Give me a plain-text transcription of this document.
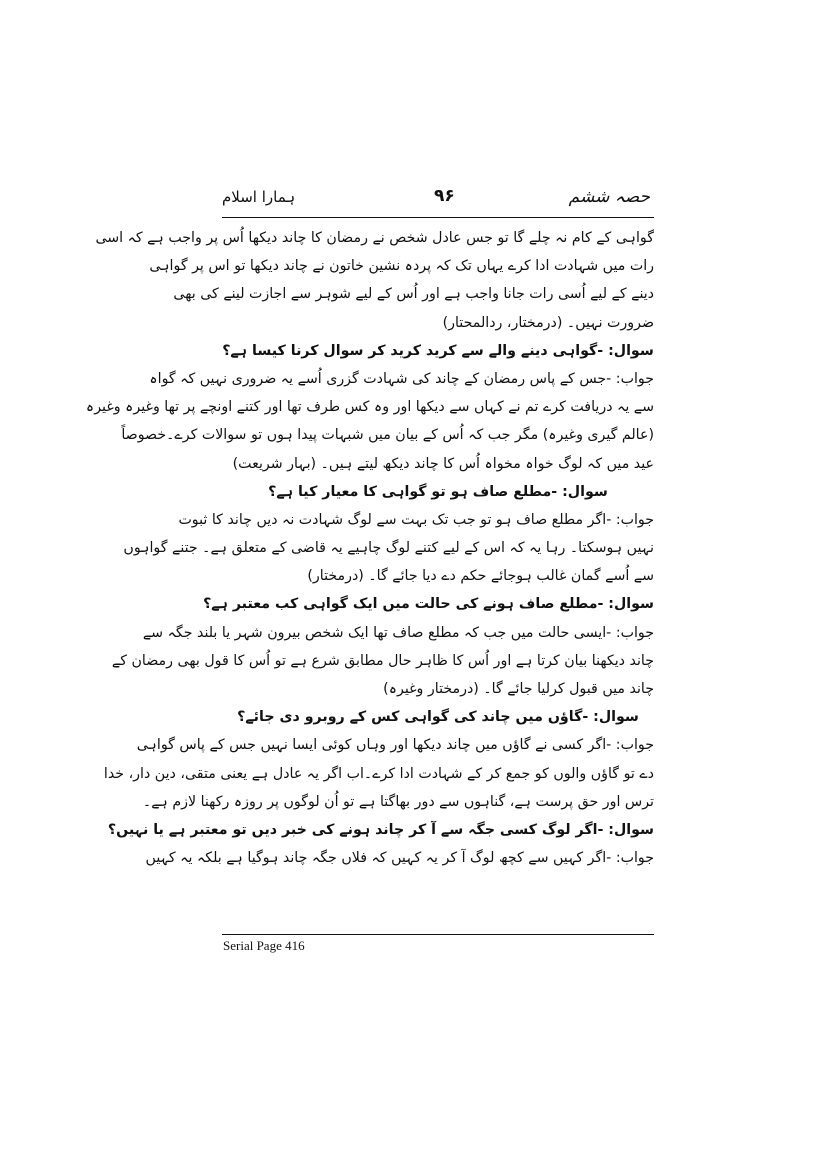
حصہ ششم
۹۶
ہمارا اسلام
گواہی کے کام نہ چلے گا تو جس عادل شخص نے رمضان کا چاند دیکھا اُس پر واجب ہے کہ اسی
رات میں شہادت ادا کرے یہاں تک کہ پردہ نشین خاتون نے چاند دیکھا تو اس پر گواہی
دینے کے لیے اُسی رات جانا واجب ہے اور اُس کے لیے شوہر سے اجازت لینے کی بھی
ضرورت نہیں۔ (درمختار، ردالمحتار)
سوال: -گواہی دینے والے سے کرید کرید کر سوال کرنا کیسا ہے؟
جواب: -جس کے پاس رمضان کے چاند کی شہادت گزری اُسے یہ ضروری نہیں کہ گواہ
سے یہ دریافت کرے تم نے کہاں سے دیکھا اور وہ کس طرف تھا اور کتنے اونچے پر تھا وغیرہ وغیرہ
(عالم گیری وغیرہ) مگر جب کہ اُس کے بیان میں شبہات پیدا ہوں تو سوالات کرے۔خصوصاً
عید میں کہ لوگ خواہ مخواہ اُس کا چاند دیکھ لیتے ہیں۔ (بہار شریعت)
سوال: -مطلع صاف ہو تو گواہی کا معیار کیا ہے؟
جواب: -اگر مطلع صاف ہو تو جب تک بہت سے لوگ شہادت نہ دیں چاند کا ثبوت
نہیں ہوسکتا۔ رہا یہ کہ اس کے لیے کتنے لوگ چاہیے یہ قاضی کے متعلق ہے۔ جتنے گواہوں
سے اُسے گمان غالب ہوجائے حکم دے دیا جائے گا۔ (درمختار)
سوال: -مطلع صاف ہونے کی حالت میں ایک گواہی کب معتبر ہے؟
جواب: -ایسی حالت میں جب کہ مطلع صاف تھا ایک شخص بیرون شہر یا بلند جگہ سے
چاند دیکھنا بیان کرتا ہے اور اُس کا ظاہر حال مطابق شرع ہے تو اُس کا قول بھی رمضان کے
چاند میں قبول کرلیا جائے گا۔ (درمختار وغیرہ)
سوال: -گاؤں میں چاند کی گواہی کس کے روبرو دی جائے؟
جواب: -اگر کسی نے گاؤں میں چاند دیکھا اور وہاں کوئی ایسا نہیں جس کے پاس گواہی
دے تو گاؤں والوں کو جمع کر کے شہادت ادا کرے۔اب اگر یہ عادل ہے یعنی متقی، دین دار، خدا
ترس اور حق پرست ہے، گناہوں سے دور بھاگتا ہے تو اُن لوگوں پر روزہ رکھنا لازم ہے۔
سوال: -اگر لوگ کسی جگہ سے آ کر چاند ہونے کی خبر دیں تو معتبر ہے یا نہیں؟
جواب: -اگر کہیں سے کچھ لوگ آ کر یہ کہیں کہ فلاں جگہ چاند ہوگیا ہے بلکہ یہ کہیں
Serial Page 416
